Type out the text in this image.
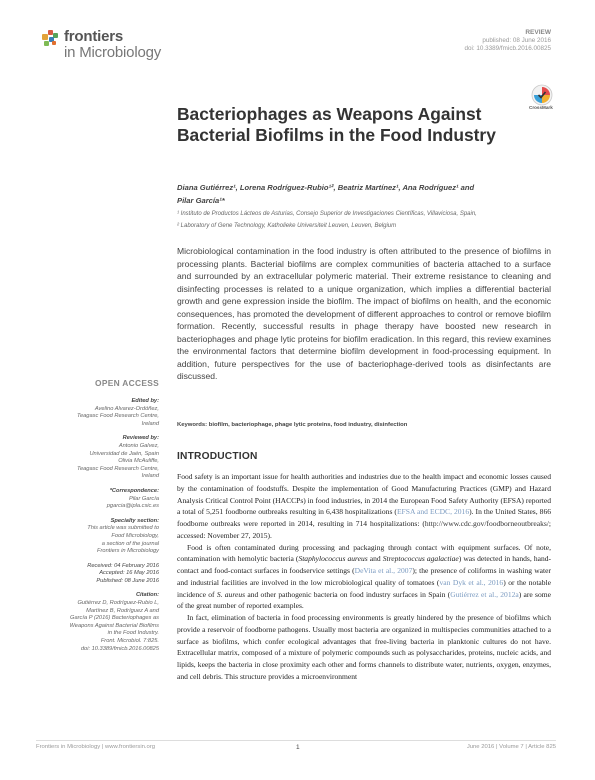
frontiers
in Microbiology
REVIEW
published: 08 June 2016
doi: 10.3389/fmicb.2016.00825
CrossMark
Bacteriophages as Weapons Against Bacterial Biofilms in the Food Industry
Diana Gutiérrez¹, Lorena Rodríguez-Rubio¹², Beatriz Martínez¹, Ana Rodríguez¹ and
Pilar García¹*
¹ Instituto de Productos Lácteos de Asturias, Consejo Superior de Investigaciones Científicas, Villaviciosa, Spain,
² Laboratory of Gene Technology, Katholieke Universiteit Leuven, Leuven, Belgium
Microbiological contamination in the food industry is often attributed to the presence of biofilms in processing plants. Bacterial biofilms are complex communities of bacteria attached to a surface and surrounded by an extracellular polymeric material. Their extreme resistance to cleaning and disinfecting processes is related to a unique organization, which implies a differential bacterial growth and gene expression inside the biofilm. The impact of biofilms on health, and the economic consequences, has promoted the development of different approaches to control or remove biofilm formation. Recently, successful results in phage therapy have boosted new research in bacteriophages and phage lytic proteins for biofilm eradication. In this regard, this review examines the environmental factors that determine biofilm development in food-processing equipment. In addition, future perspectives for the use of bacteriophage-derived tools as disinfectants are discussed.
Keywords: biofilm, bacteriophage, phage lytic proteins, food industry, disinfection
INTRODUCTION

Food safety is an important issue for health authorities and industries due to the health impact and economic losses caused by the contamination of foodstuffs. Despite the implementation of Good Manufacturing Practices (GMP) and Hazard Analysis Critical Control Point (HACCPs) in food industries, in 2014 the European Food Safety Authority (EFSA) reported a total of 5,251 foodborne outbreaks resulting in 6,438 hospitalizations (EFSA and ECDC, 2016). In the United States, 866 foodborne outbreaks were reported in 2014, resulting in 714 hospitalizations: (http://www.cdc.gov/foodborneoutbreaks/; accessed: November 27, 2015).

Food is often contaminated during processing and packaging through contact with equipment surfaces. Of note, contamination with hemolytic bacteria (Staphylococcus aureus and Streptococcus agalactiae) was detected in hands, hand-contact and food-contact surfaces in foodservice settings (DeVita et al., 2007); the presence of coliforms in washing water and industrial facilities are involved in the low microbiological quality of tomatoes (van Dyk et al., 2016) or the notable incidence of S. aureus and other pathogenic bacteria on food industry surfaces in Spain (Gutiérrez et al., 2012a) are some of the great number of reported examples.

In fact, elimination of bacteria in food processing environments is greatly hindered by the presence of biofilms which provide a reservoir of foodborne pathogens. Usually most bacteria are organized in multispecies communities attached to a surface as biofilms, which confer ecological advantages that free-living bacteria in planktonic cultures do not have. Extracellular matrix, composed of a mixture of polymeric compounds such as polysaccharides, proteins, nucleic acids, and lipids, keeps the bacteria in close proximity each other and forms channels to distribute water, nutrients, oxygen, enzymes, and cell debris. This structure provides a microenvironment

OPEN ACCESS
Edited by:
Avelino Alvarez-Ordóñez,
Teagasc Food Research Centre,
Ireland
Reviewed by:
Antonio Galvez,
Universidad de Jaén, Spain
Olivia McAuliffe,
Teagasc Food Research Centre,
Ireland
*Correspondence:
Pilar García
pgarcia@ipla.csic.es
Specialty section:
This article was submitted to
Food Microbiology,
a section of the journal
Frontiers in Microbiology
Received: 04 February 2016
Accepted: 16 May 2016
Published: 08 June 2016
Citation:
Gutiérrez D, Rodríguez-Rubio L,
Martínez B, Rodríguez A and
García P (2016) Bacteriophages as
Weapons Against Bacterial Biofilms
in the Food Industry.
Front. Microbiol. 7:825.
doi: 10.3389/fmicb.2016.00825
Frontiers in Microbiology | www.frontiersin.org	1	June 2016 | Volume 7 | Article 825
